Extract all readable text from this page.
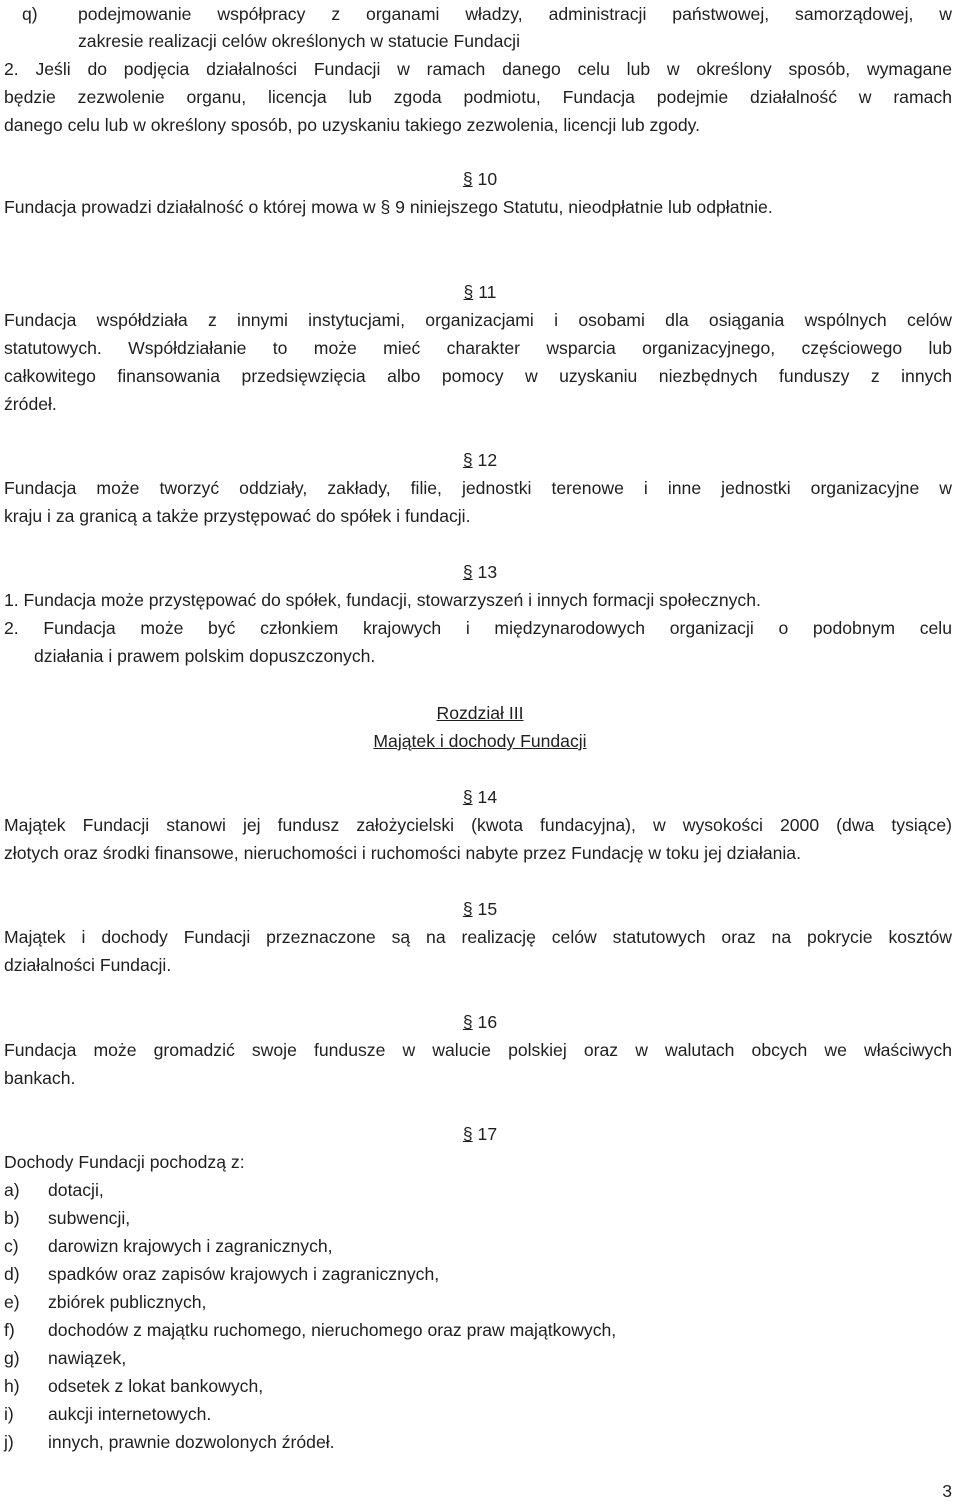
q) podejmowanie współpracy z organami władzy, administracji państwowej, samorządowej, w
zakresie realizacji celów określonych w statucie Fundacji
2. Jeśli do podjęcia działalności Fundacji w ramach danego celu lub w określony sposób, wymagane
będzie zezwolenie organu, licencja lub zgoda podmiotu, Fundacja podejmie działalność w ramach
danego celu lub w określony sposób, po uzyskaniu takiego zezwolenia, licencji lub zgody.
§ 10
Fundacja prowadzi działalność o której mowa w § 9 niniejszego Statutu, nieodpłatnie lub odpłatnie.
§ 11
Fundacja współdziała z innymi instytucjami, organizacjami i osobami dla osiągania wspólnych celów
statutowych. Współdziałanie to może mieć charakter wsparcia organizacyjnego, częściowego lub
całkowitego finansowania przedsięwzięcia albo pomocy w uzyskaniu niezbędnych funduszy z innych
źródeł.
§ 12
Fundacja może tworzyć oddziały, zakłady, filie, jednostki terenowe i inne jednostki organizacyjne w
kraju i za granicą a także przystępować do spółek i fundacji.
§ 13
1. Fundacja może przystępować do spółek, fundacji, stowarzyszeń i innych formacji społecznych.
2. Fundacja może być członkiem krajowych i międzynarodowych organizacji o podobnym celu
działania i prawem polskim dopuszczonych.
Rozdział III
Majątek i dochody Fundacji
§ 14
Majątek Fundacji stanowi jej fundusz założycielski (kwota fundacyjna), w wysokości 2000 (dwa tysiące)
złotych oraz środki finansowe, nieruchomości i ruchomości nabyte przez Fundację w toku jej działania.
§ 15
Majątek i dochody Fundacji przeznaczone są na realizację celów statutowych oraz na pokrycie kosztów
działalności Fundacji.
§ 16
Fundacja może gromadzić swoje fundusze w walucie polskiej oraz w walutach obcych we właściwych
bankach.
§ 17
Dochody Fundacji pochodzą z:
a) dotacji,
b) subwencji,
c) darowizn krajowych i zagranicznych,
d) spadków oraz zapisów krajowych i zagranicznych,
e) zbiórek publicznych,
f) dochodów z majątku ruchomego, nieruchomego oraz praw majątkowych,
g) nawiązek,
h) odsetek z lokat bankowych,
i) aukcji internetowych.
j) innych, prawnie dozwolonych źródeł.
3
